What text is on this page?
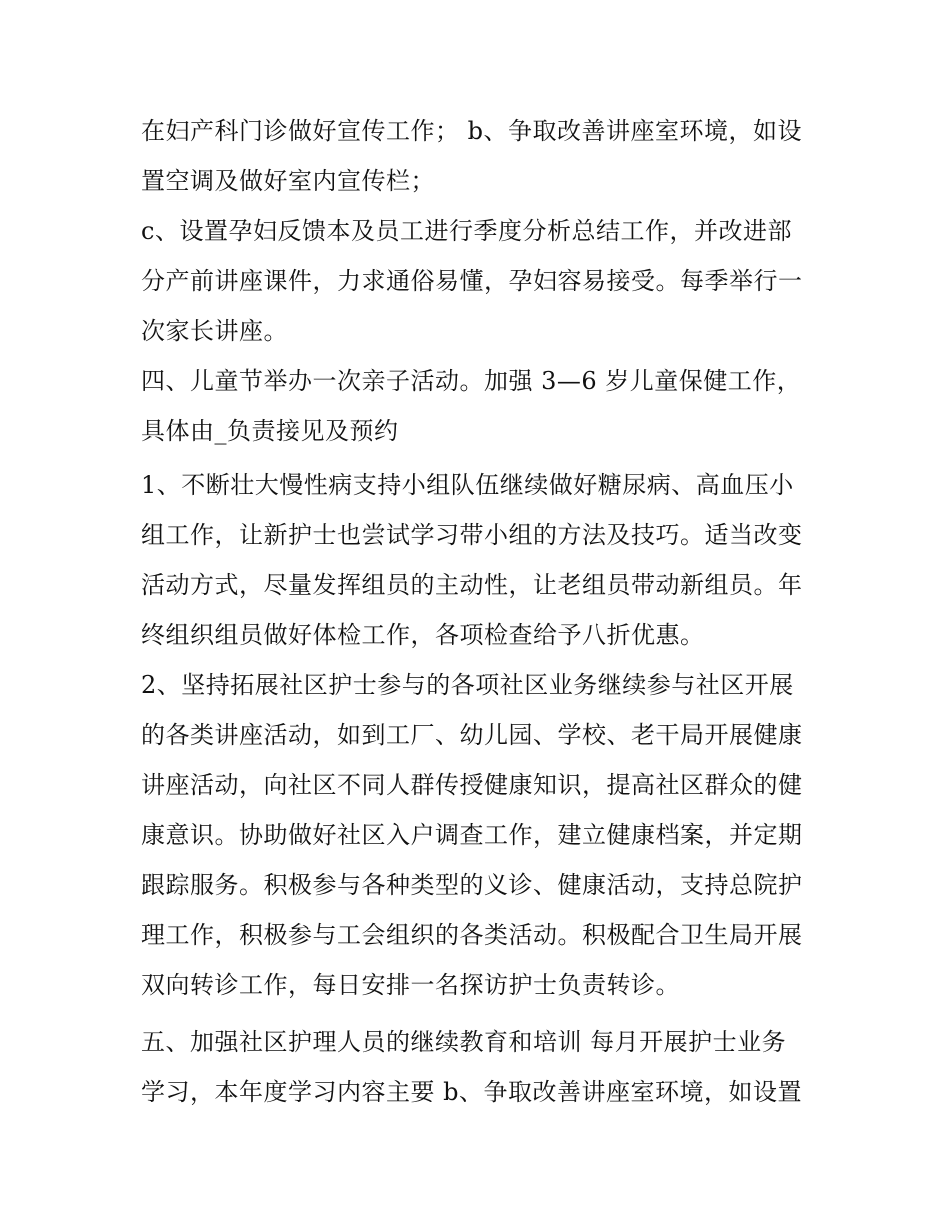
在妇产科门诊做好宣传工作； b、争取改善讲座室环境，如设
置空调及做好室内宣传栏；
c、设置孕妇反馈本及员工进行季度分析总结工作，并改进部
分产前讲座课件，力求通俗易懂，孕妇容易接受。每季举行一
次家长讲座。
四、儿童节举办一次亲子活动。加强 3—6 岁儿童保健工作，
具体由_负责接见及预约
1、不断壮大慢性病支持小组队伍继续做好糖尿病、高血压小
组工作，让新护士也尝试学习带小组的方法及技巧。适当改变
活动方式，尽量发挥组员的主动性，让老组员带动新组员。年
终组织组员做好体检工作，各项检查给予八折优惠。
2、坚持拓展社区护士参与的各项社区业务继续参与社区开展
的各类讲座活动，如到工厂、幼儿园、学校、老干局开展健康
讲座活动，向社区不同人群传授健康知识，提高社区群众的健
康意识。协助做好社区入户调查工作，建立健康档案，并定期
跟踪服务。积极参与各种类型的义诊、健康活动，支持总院护
理工作，积极参与工会组织的各类活动。积极配合卫生局开展
双向转诊工作，每日安排一名探访护士负责转诊。
五、加强社区护理人员的继续教育和培训 每月开展护士业务
学习，本年度学习内容主要 b、争取改善讲座室环境，如设置
